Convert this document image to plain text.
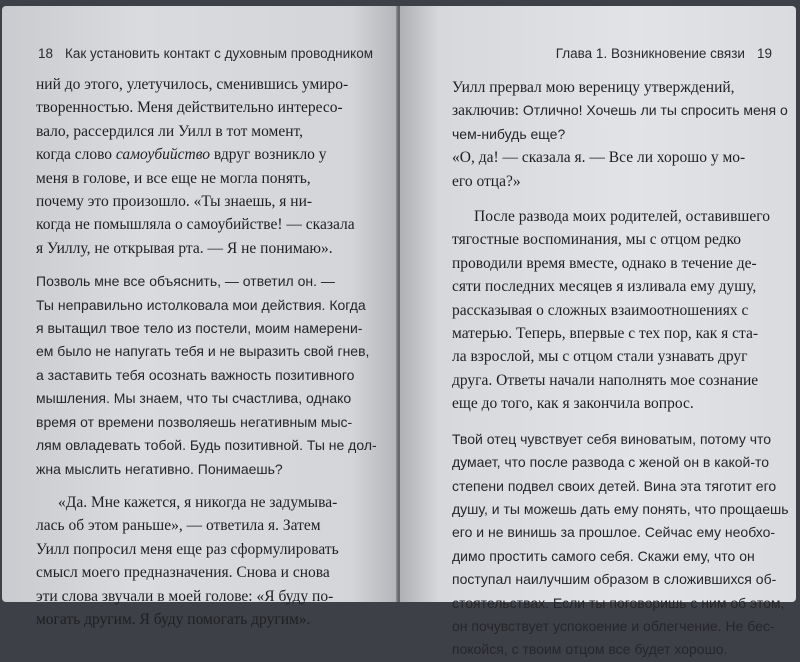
18 Как установить контакт с духовным проводником
ний до этого, улетучилось, сменившись умиро-
творенностью. Меня действительно интересо-
вало, рассердился ли Уилл в тот момент,
когда слово самоубийство вдруг возникло у
меня в голове, и все еще не могла понять,
почему это произошло. «Ты знаешь, я ни-
когда не помышляла о самоубийстве! — сказала
я Уиллу, не открывая рта. — Я не понимаю».
Позволь мне все объяснить, — ответил он. —
Ты неправильно истолковала мои действия. Когда
я вытащил твое тело из постели, моим намерени-
ем было не напугать тебя и не выразить свой гнев,
а заставить тебя осознать важность позитивного
мышления. Мы знаем, что ты счастлива, однако
время от времени позволяешь негативным мыс-
лям овладевать тобой. Будь позитивной. Ты не дол-
жна мыслить негативно. Понимаешь?
«Да. Мне кажется, я никогда не задумыва-
лась об этом раньше», — ответила я. Затем
Уилл попросил меня еще раз сформулировать
смысл моего предназначения. Снова и снова
эти слова звучали в моей голове: «Я буду по-
могать другим. Я буду помогать другим».
Глава 1. Возникновение связи 19
Уилл прервал мою вереницу утверждений,
заключив: Отлично! Хочешь ли ты спросить меня о
чем-нибудь еще?
«О, да! — сказала я. — Все ли хорошо у мо-
его отца?»
После развода моих родителей, оставившего
тягостные воспоминания, мы с отцом редко
проводили время вместе, однако в течение де-
сяти последних месяцев я изливала ему душу,
рассказывая о сложных взаимоотношениях с
матерью. Теперь, впервые с тех пор, как я ста-
ла взрослой, мы с отцом стали узнавать друг
друга. Ответы начали наполнять мое сознание
еще до того, как я закончила вопрос.
Твой отец чувствует себя виноватым, потому что
думает, что после развода с женой он в какой-то
степени подвел своих детей. Вина эта тяготит его
душу, и ты можешь дать ему понять, что прощаешь
его и не винишь за прошлое. Сейчас ему необхо-
димо простить самого себя. Скажи ему, что он
поступал наилучшим образом в сложившихся об-
стоятельствах. Если ты поговоришь с ним об этом,
он почувствует успокоение и облегчение. Не бес-
покойся, с твоим отцом все будет хорошо.
